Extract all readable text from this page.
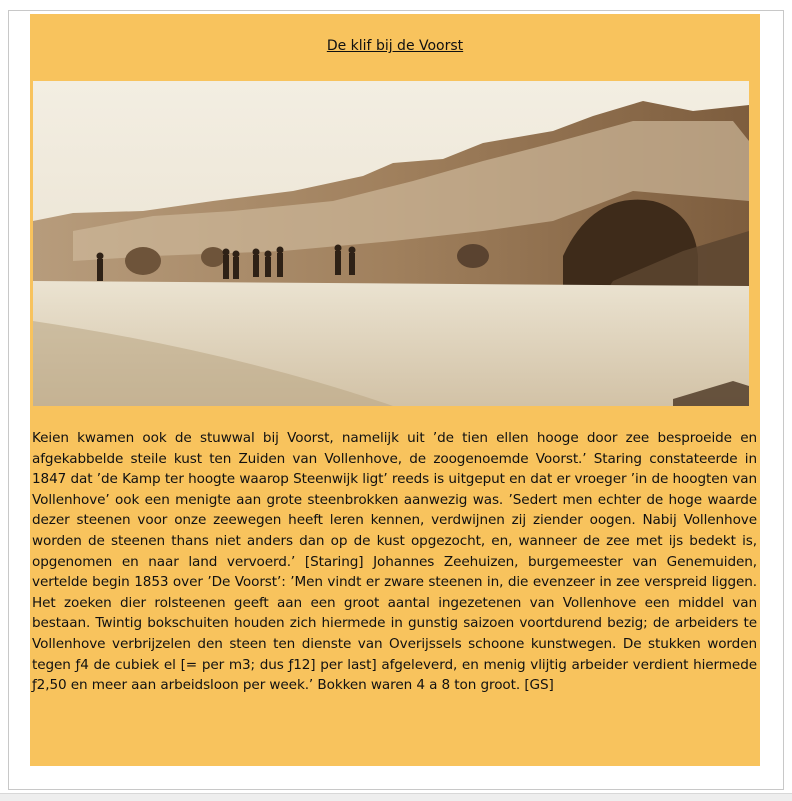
De klif bij de Voorst

Keien kwamen ook de stuwwal bij Voorst, namelijk uit ’de tien ellen hooge door zee besproeide en afgekabbelde steile kust ten Zuiden van Vollenhove, de zoogenoemde Voorst.’ Staring constateerde in 1847 dat ’de Kamp ter hoogte waarop Steenwijk ligt’ reeds is uitgeput en dat er vroeger ’in de hoogten van Vollenhove’ ook een menigte aan grote steenbrokken aanwezig was. ’Sedert men echter de hoge waarde dezer steenen voor onze zeewegen heeft leren kennen, verdwijnen zij ziender oogen. Nabij Vollenhove worden de steenen thans niet anders dan op de kust opgezocht, en, wanneer de zee met ijs bedekt is, opgenomen en naar land vervoerd.’ [Staring] Johannes Zeehuizen, burgemeester van Genemuiden, vertelde begin 1853 over ’De Voorst’: ’Men vindt er zware steenen in, die evenzeer in zee verspreid liggen. Het zoeken dier rolsteenen geeft aan een groot aantal ingezetenen van Vollenhove een middel van bestaan. Twintig bokschuiten houden zich hiermede in gunstig saizoen voortdurend bezig; de arbeiders te Vollenhove verbrijzelen den steen ten dienste van Overijssels schoone kunstwegen. De stukken worden tegen ƒ4 de cubiek el [= per m3; dus ƒ12] per last] afgeleverd, en menig vlijtig arbeider verdient hiermede ƒ2,50 en meer aan arbeidsloon per week.’ Bokken waren 4 a 8 ton groot. [GS]
